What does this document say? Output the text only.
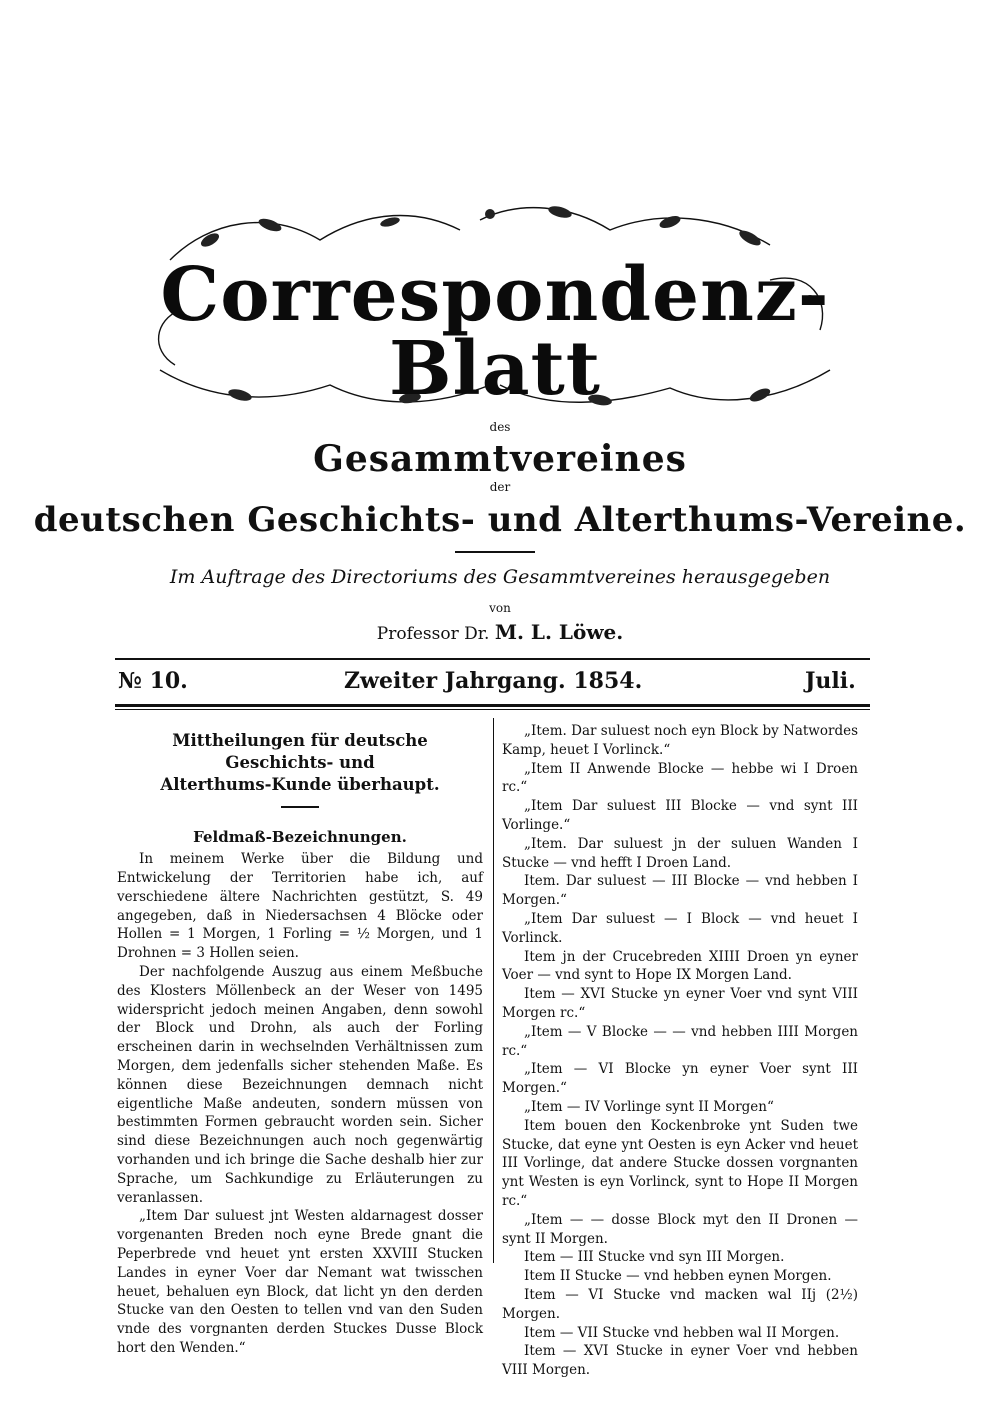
Correspondenz-Blatt
des
Gesammtvereines
der
deutschen Geschichts- und Alterthums-Vereine.
Im Auftrage des Directoriums des Gesammtvereines herausgegeben
von
Professor Dr. M. L. Löwe.
№ 10.	Zweiter Jahrgang. 1854.	Juli.
Mittheilungen für deutsche Geschichts- und
Alterthums-Kunde überhaupt.
Feldmaß-Bezeichnungen.

In meinem Werke über die Bildung und Entwickelung der Territorien habe ich, auf verschiedene ältere Nachrichten gestützt, S. 49 angegeben, daß in Niedersachsen 4 Blöcke oder Hollen = 1 Morgen, 1 Forling = ½ Morgen, und 1 Drohnen = 3 Hollen seien.

Der nachfolgende Auszug aus einem Meßbuche des Klosters Möllenbeck an der Weser von 1495 widerspricht jedoch meinen Angaben, denn sowohl der Block und Drohn, als auch der Forling erscheinen darin in wechselnden Verhältnissen zum Morgen, dem jedenfalls sicher stehenden Maße. Es können diese Bezeichnungen demnach nicht eigentliche Maße andeuten, sondern müssen von bestimmten Formen gebraucht worden sein. Sicher sind diese Bezeichnungen auch noch gegenwärtig vorhanden und ich bringe die Sache deshalb hier zur Sprache, um Sachkundige zu Erläuterungen zu veranlassen.

„Item Dar suluest jnt Westen aldarnagest dosser vorgenanten Breden noch eyne Brede gnant die Peperbrede vnd heuet ynt ersten XXVIII Stucken Landes in eyner Voer dar Nemant wat twisschen heuet, behaluen eyn Block, dat licht yn den derden Stucke van den Oesten to tellen vnd van den Suden vnde des vorgnanten derden Stuckes Dusse Block hort den Wenden.“

„Item. Dar suluest noch eyn Block by Natwordes Kamp, heuet I Vorlinck.“

„Item II Anwende Blocke — hebbe wi I Droen rc.“

„Item Dar suluest III Blocke — vnd synt III Vorlinge.“

„Item. Dar suluest jn der suluen Wanden I Stucke — vnd hefft I Droen Land.

Item. Dar suluest — III Blocke — vnd hebben I Morgen.“

„Item Dar suluest — I Block — vnd heuet I Vorlinck.

Item jn der Crucebreden XIIII Droen yn eyner Voer — vnd synt to Hope IX Morgen Land.

Item — XVI Stucke yn eyner Voer vnd synt VIII Morgen rc.“

„Item — V Blocke — — vnd hebben IIII Morgen rc.“

„Item — VI Blocke yn eyner Voer synt III Morgen.“

„Item — IV Vorlinge synt II Morgen“

Item bouen den Kockenbroke ynt Suden twe Stucke, dat eyne ynt Oesten is eyn Acker vnd heuet III Vorlinge, dat andere Stucke dossen vorgnanten ynt Westen is eyn Vorlinck, synt to Hope II Morgen rc.“

„Item — — dosse Block myt den II Dronen — synt II Morgen.

Item — III Stucke vnd syn III Morgen.

Item II Stucke — vnd hebben eynen Morgen.

Item — VI Stucke vnd macken wal IIj (2½) Morgen.

Item — VII Stucke vnd hebben wal II Morgen.

Item — XVI Stucke in eyner Voer vnd hebben VIII Morgen.
